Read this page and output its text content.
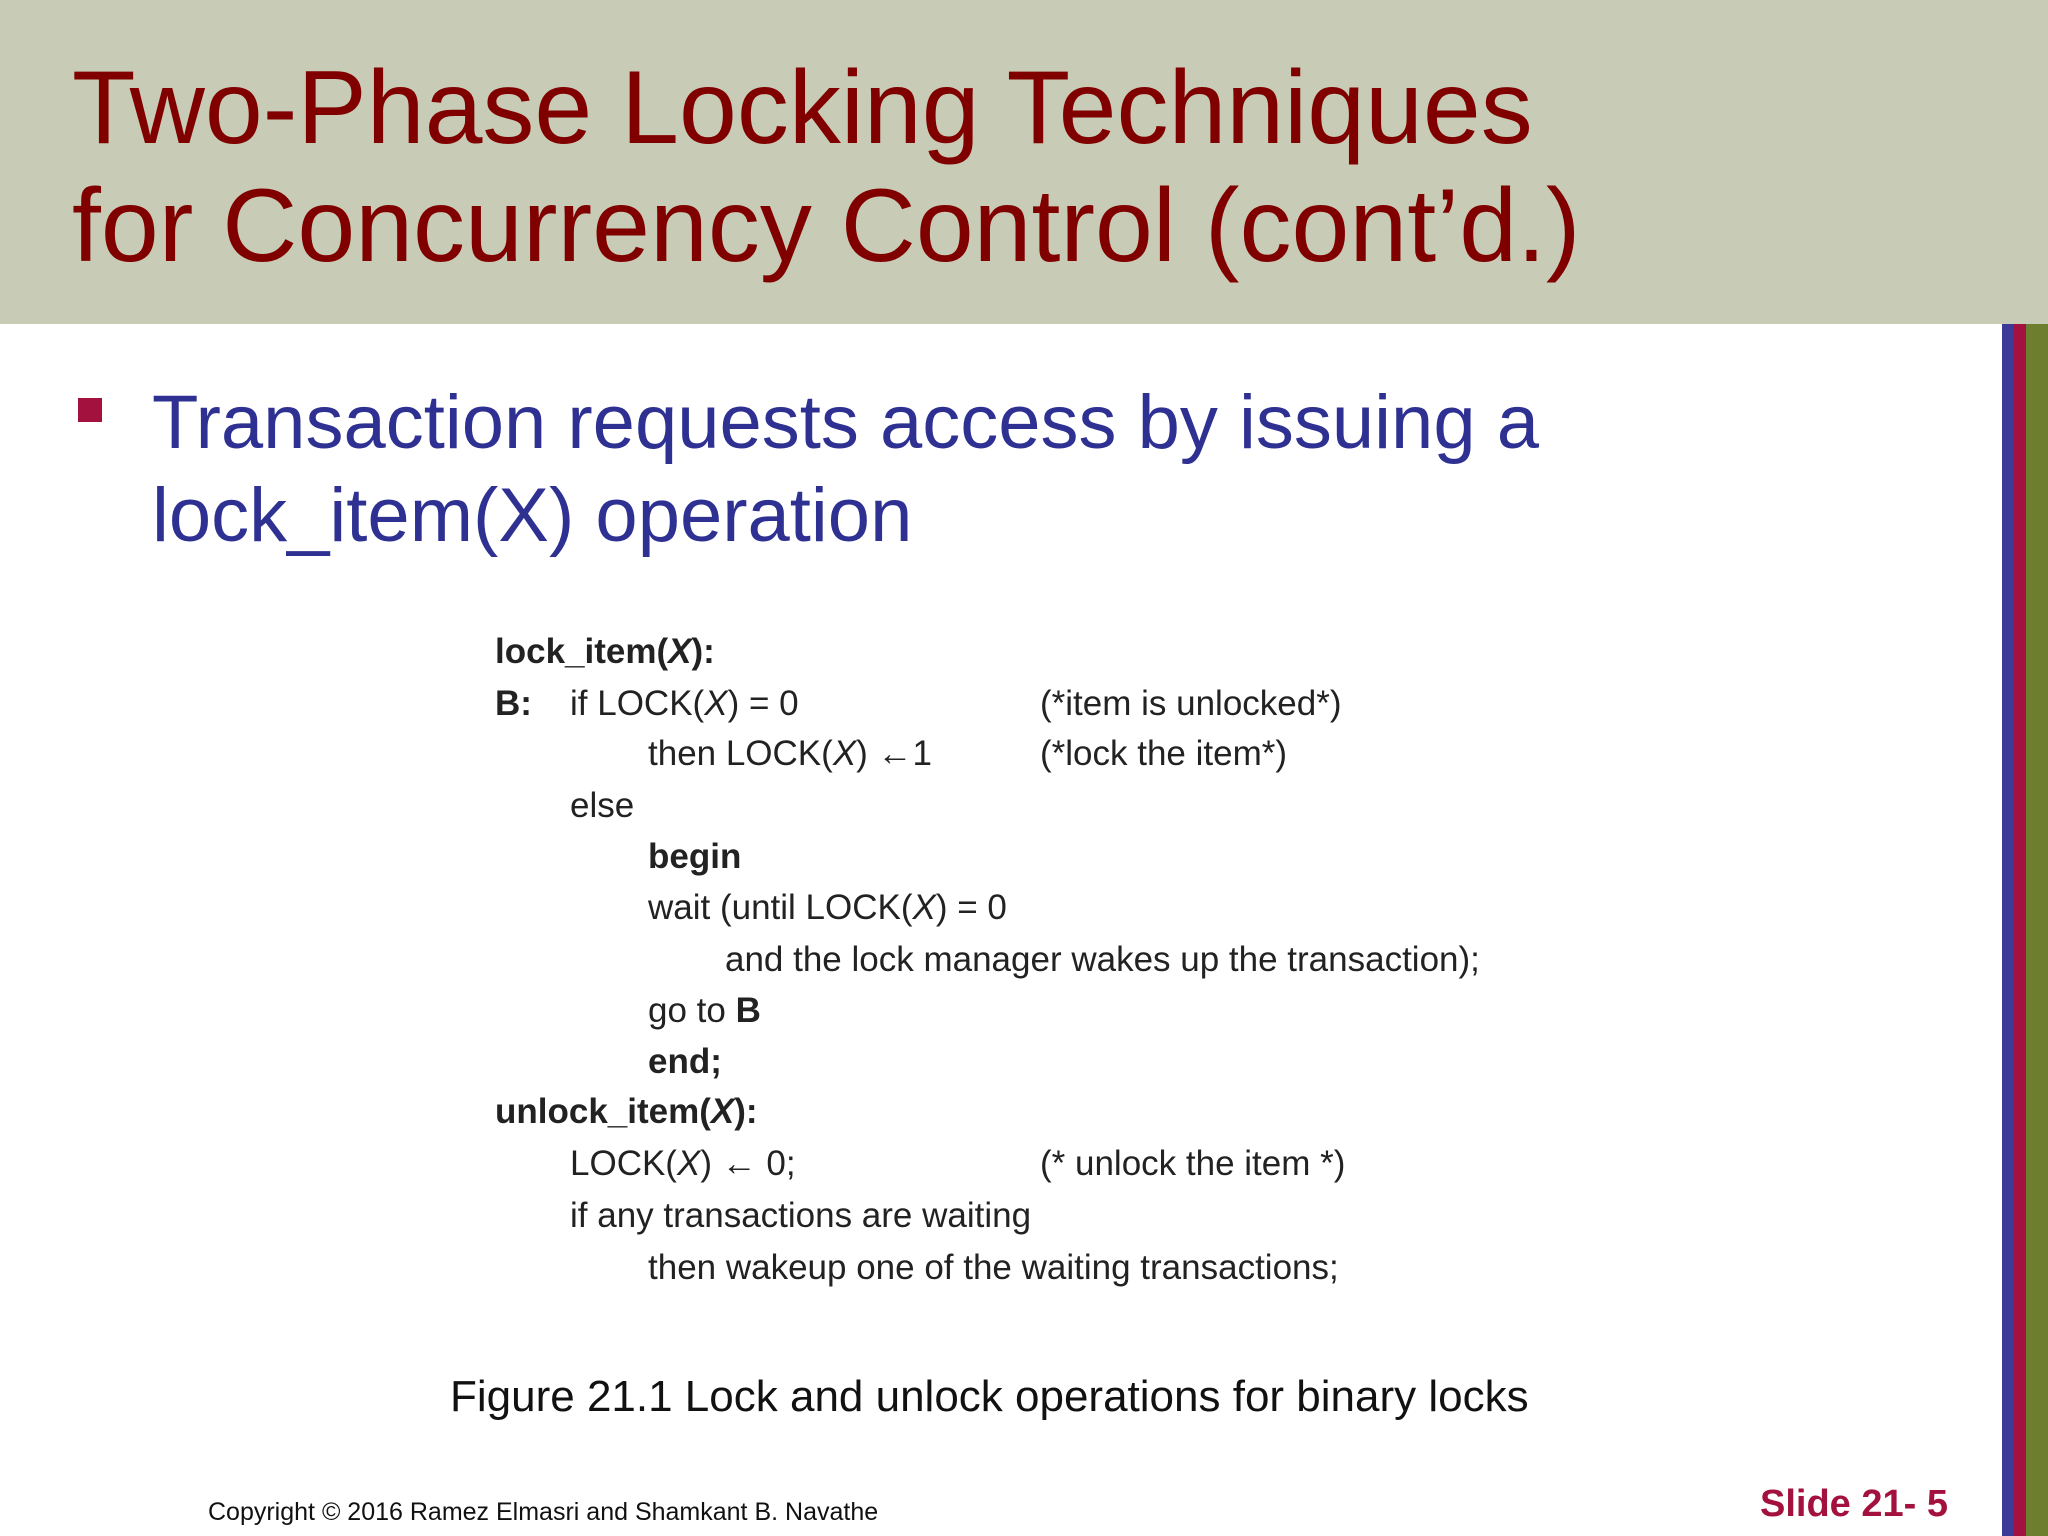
Two-Phase Locking Techniques
for Concurrency Control (cont’d.)

Transaction requests access by issuing a

lock_item(X) operation

lock_item(X):
B: if LOCK(X) = 0	(*item is unlocked*)
then LOCK(X) ←1	(*lock the item*)
else
begin
wait (until LOCK(X) = 0
and the lock manager wakes up the transaction);
go to B
end;
unlock_item(X):
LOCK(X) ← 0;	(* unlock the item *)
if any transactions are waiting
then wakeup one of the waiting transactions;

Figure 21.1 Lock and unlock operations for binary locks

Copyright © 2016 Ramez Elmasri and Shamkant B. Navathe	Slide 21- 5
